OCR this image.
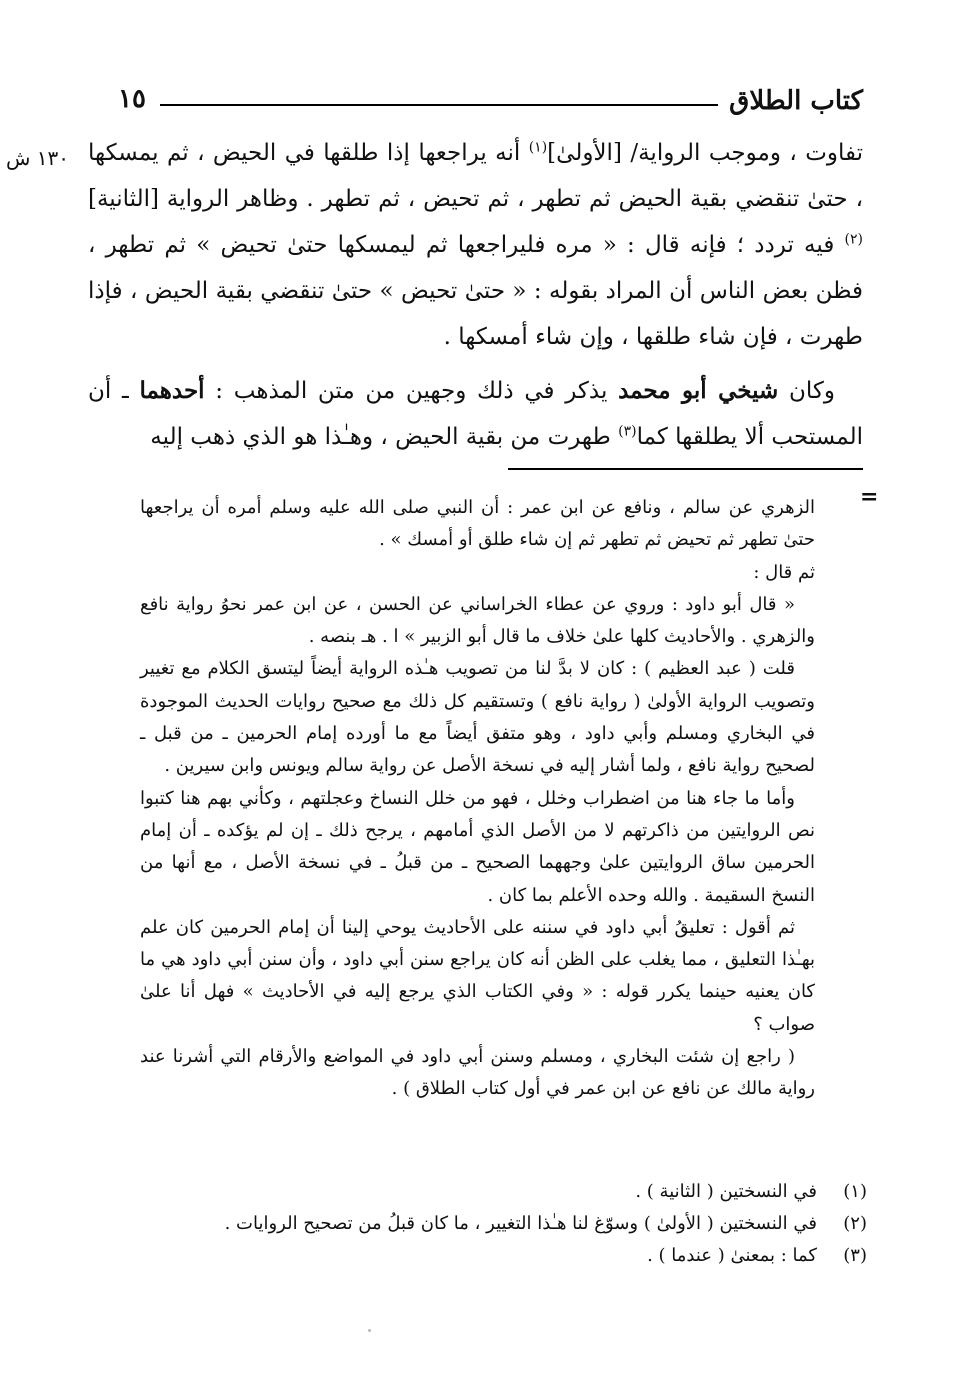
كتاب الطلاق
١٥
١٣٠ ش	تفاوت ، وموجب الرواية/ [الأولىٰ]$^{(١)}$ أنه يراجعها إذا طلقها في الحيض ، ثم يمسكها ، حتىٰ تنقضي بقية الحيض ثم تطهر ، ثم تحيض ، ثم تطهر . وظاهر الرواية [الثانية]$^{(٢)}$ فيه تردد ؛ فإنه قال : « مره فليراجعها ثم ليمسكها حتىٰ تحيض » ثم تطهر ، فظن بعض الناس أن المراد بقوله : « حتىٰ تحيض » حتىٰ تنقضي بقية الحيض ، فإذا طهرت ، فإن شاء طلقها ، وإن شاء أمسكها .

وكان شيخي أبو محمد يذكر في ذلك وجهين من متن المذهب : أحدهما ـ أن المستحب ألا يطلقها كما$^{(٣)}$ طهرت من بقية الحيض ، وهـٰذا هو الذي ذهب إليه

=

الزهري عن سالم ، ونافع عن ابن عمر : أن النبي صلى الله عليه وسلم أمره أن يراجعها حتىٰ تطهر ثم تحيض ثم تطهر ثم إن شاء طلق أو أمسك » .

ثم قال :

« قال أبو داود : وروي عن عطاء الخراساني عن الحسن ، عن ابن عمر نحوُ رواية نافع والزهري . والأحاديث كلها علىٰ خلاف ما قال أبو الزبير » ا . هـ بنصه .

قلت ( عبد العظيم ) : كان لا بدَّ لنا من تصويب هـٰذه الرواية أيضاً ليتسق الكلام مع تغيير وتصويب الرواية الأولىٰ ( رواية نافع ) وتستقيم كل ذلك مع صحيح روايات الحديث الموجودة في البخاري ومسلم وأبي داود ، وهو متفق أيضاً مع ما أورده إمام الحرمين ـ من قبل ـ لصحيح رواية نافع ، ولما أشار إليه في نسخة الأصل عن رواية سالم ويونس وابن سيرين .

وأما ما جاء هنا من اضطراب وخلل ، فهو من خلل النساخ وعجلتهم ، وكأني بهم هنا كتبوا نص الروايتين من ذاكرتهم لا من الأصل الذي أمامهم ، يرجح ذلك ـ إن لم يؤكده ـ أن إمام الحرمين ساق الروايتين علىٰ وجههما الصحيح ـ من قبلُ ـ في نسخة الأصل ، مع أنها من النسخ السقيمة . والله وحده الأعلم بما كان .

ثم أقول : تعليقُ أبي داود في سننه على الأحاديث يوحي إلينا أن إمام الحرمين كان علم بهـٰذا التعليق ، مما يغلب على الظن أنه كان يراجع سنن أبي داود ، وأن سنن أبي داود هي ما كان يعنيه حينما يكرر قوله : « وفي الكتاب الذي يرجع إليه في الأحاديث » فهل أنا علىٰ صواب ؟

( راجع إن شئت البخاري ، ومسلم وسنن أبي داود في المواضع والأرقام التي أشرنا عند رواية مالك عن نافع عن ابن عمر في أول كتاب الطلاق ) .

(١)
في النسختين ( الثانية ) .
(٢)
في النسختين ( الأولىٰ ) وسوّغ لنا هـٰذا التغيير ، ما كان قبلُ من تصحيح الروايات .
(٣)
كما : بمعنىٰ ( عندما ) .
